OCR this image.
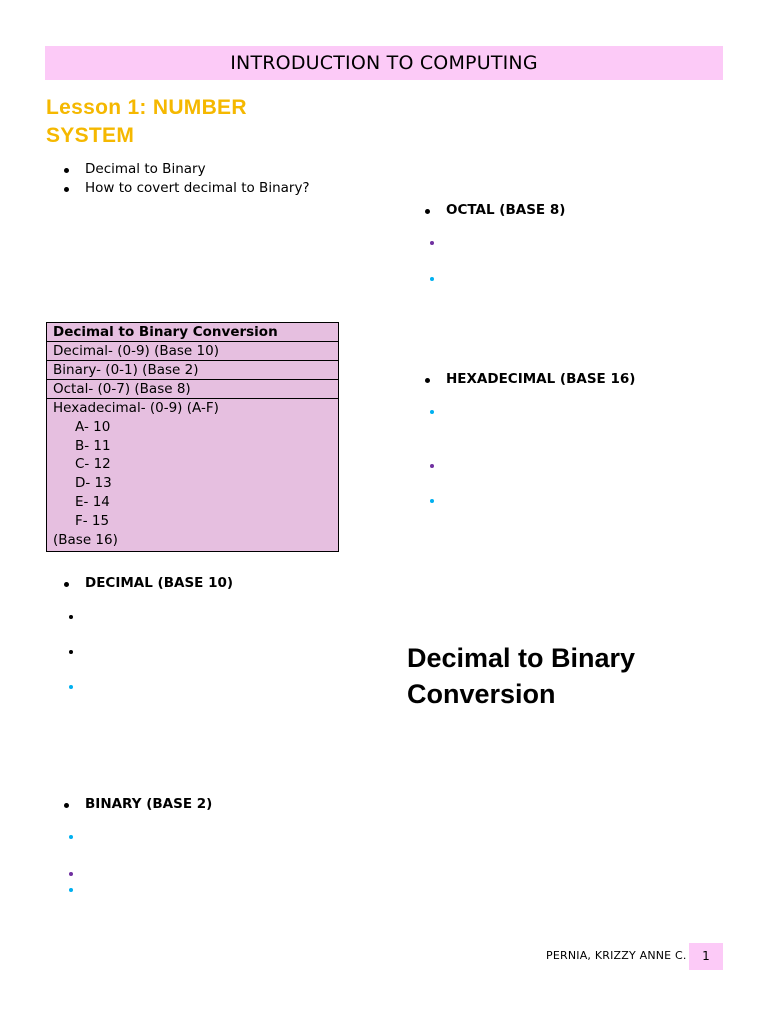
INTRODUCTION TO COMPUTING
Lesson 1: NUMBER
SYSTEM
Decimal to Binary
How to covert decimal to Binary?
OCTAL (BASE 8)
Decimal to Binary Conversion
Decimal- (0-9) (Base 10)
Binary- (0-1) (Base 2)
Octal- (0-7) (Base 8)

Hexadecimal- (0-9) (A-F)
A- 10
B- 11
C- 12
D- 13
E- 14
F- 15
(Base 16)
HEXADECIMAL (BASE 16)
DECIMAL (BASE 10)
Decimal to Binary
Conversion
BINARY (BASE 2)
PERNIA, KRIZZY ANNE C.	1
